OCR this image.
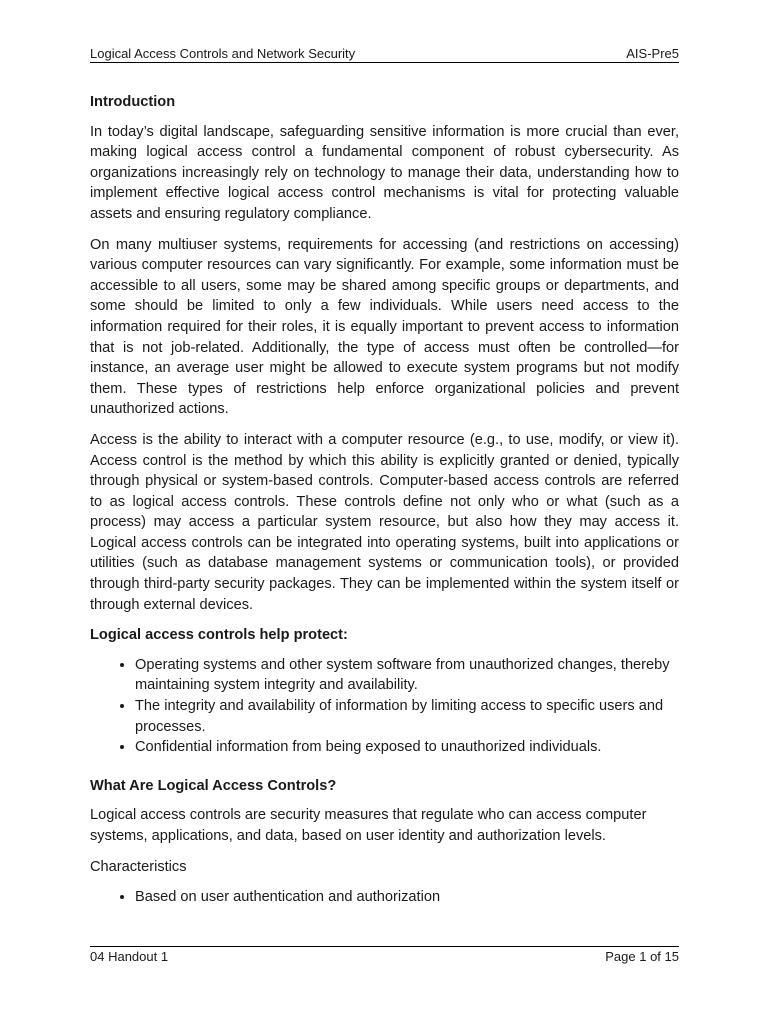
Logical Access Controls and Network Security	AIS-Pre5
Introduction

In today’s digital landscape, safeguarding sensitive information is more crucial than ever, making logical access control a fundamental component of robust cybersecurity. As organizations increasingly rely on technology to manage their data, understanding how to implement effective logical access control mechanisms is vital for protecting valuable assets and ensuring regulatory compliance.

On many multiuser systems, requirements for accessing (and restrictions on accessing) various computer resources can vary significantly. For example, some information must be accessible to all users, some may be shared among specific groups or departments, and some should be limited to only a few individuals. While users need access to the information required for their roles, it is equally important to prevent access to information that is not job-related. Additionally, the type of access must often be controlled—for instance, an average user might be allowed to execute system programs but not modify them. These types of restrictions help enforce organizational policies and prevent unauthorized actions.

Access is the ability to interact with a computer resource (e.g., to use, modify, or view it). Access control is the method by which this ability is explicitly granted or denied, typically through physical or system-based controls. Computer-based access controls are referred to as logical access controls. These controls define not only who or what (such as a process) may access a particular system resource, but also how they may access it. Logical access controls can be integrated into operating systems, built into applications or utilities (such as database management systems or communication tools), or provided through third-party security packages. They can be implemented within the system itself or through external devices.

Logical access controls help protect:
• Operating systems and other system software from unauthorized changes, thereby maintaining system integrity and availability.
• The integrity and availability of information by limiting access to specific users and processes.
• Confidential information from being exposed to unauthorized individuals.
What Are Logical Access Controls?

Logical access controls are security measures that regulate who can access computer systems, applications, and data, based on user identity and authorization levels.

Characteristics

• Based on user authentication and authorization
04 Handout 1	Page 1 of 15
